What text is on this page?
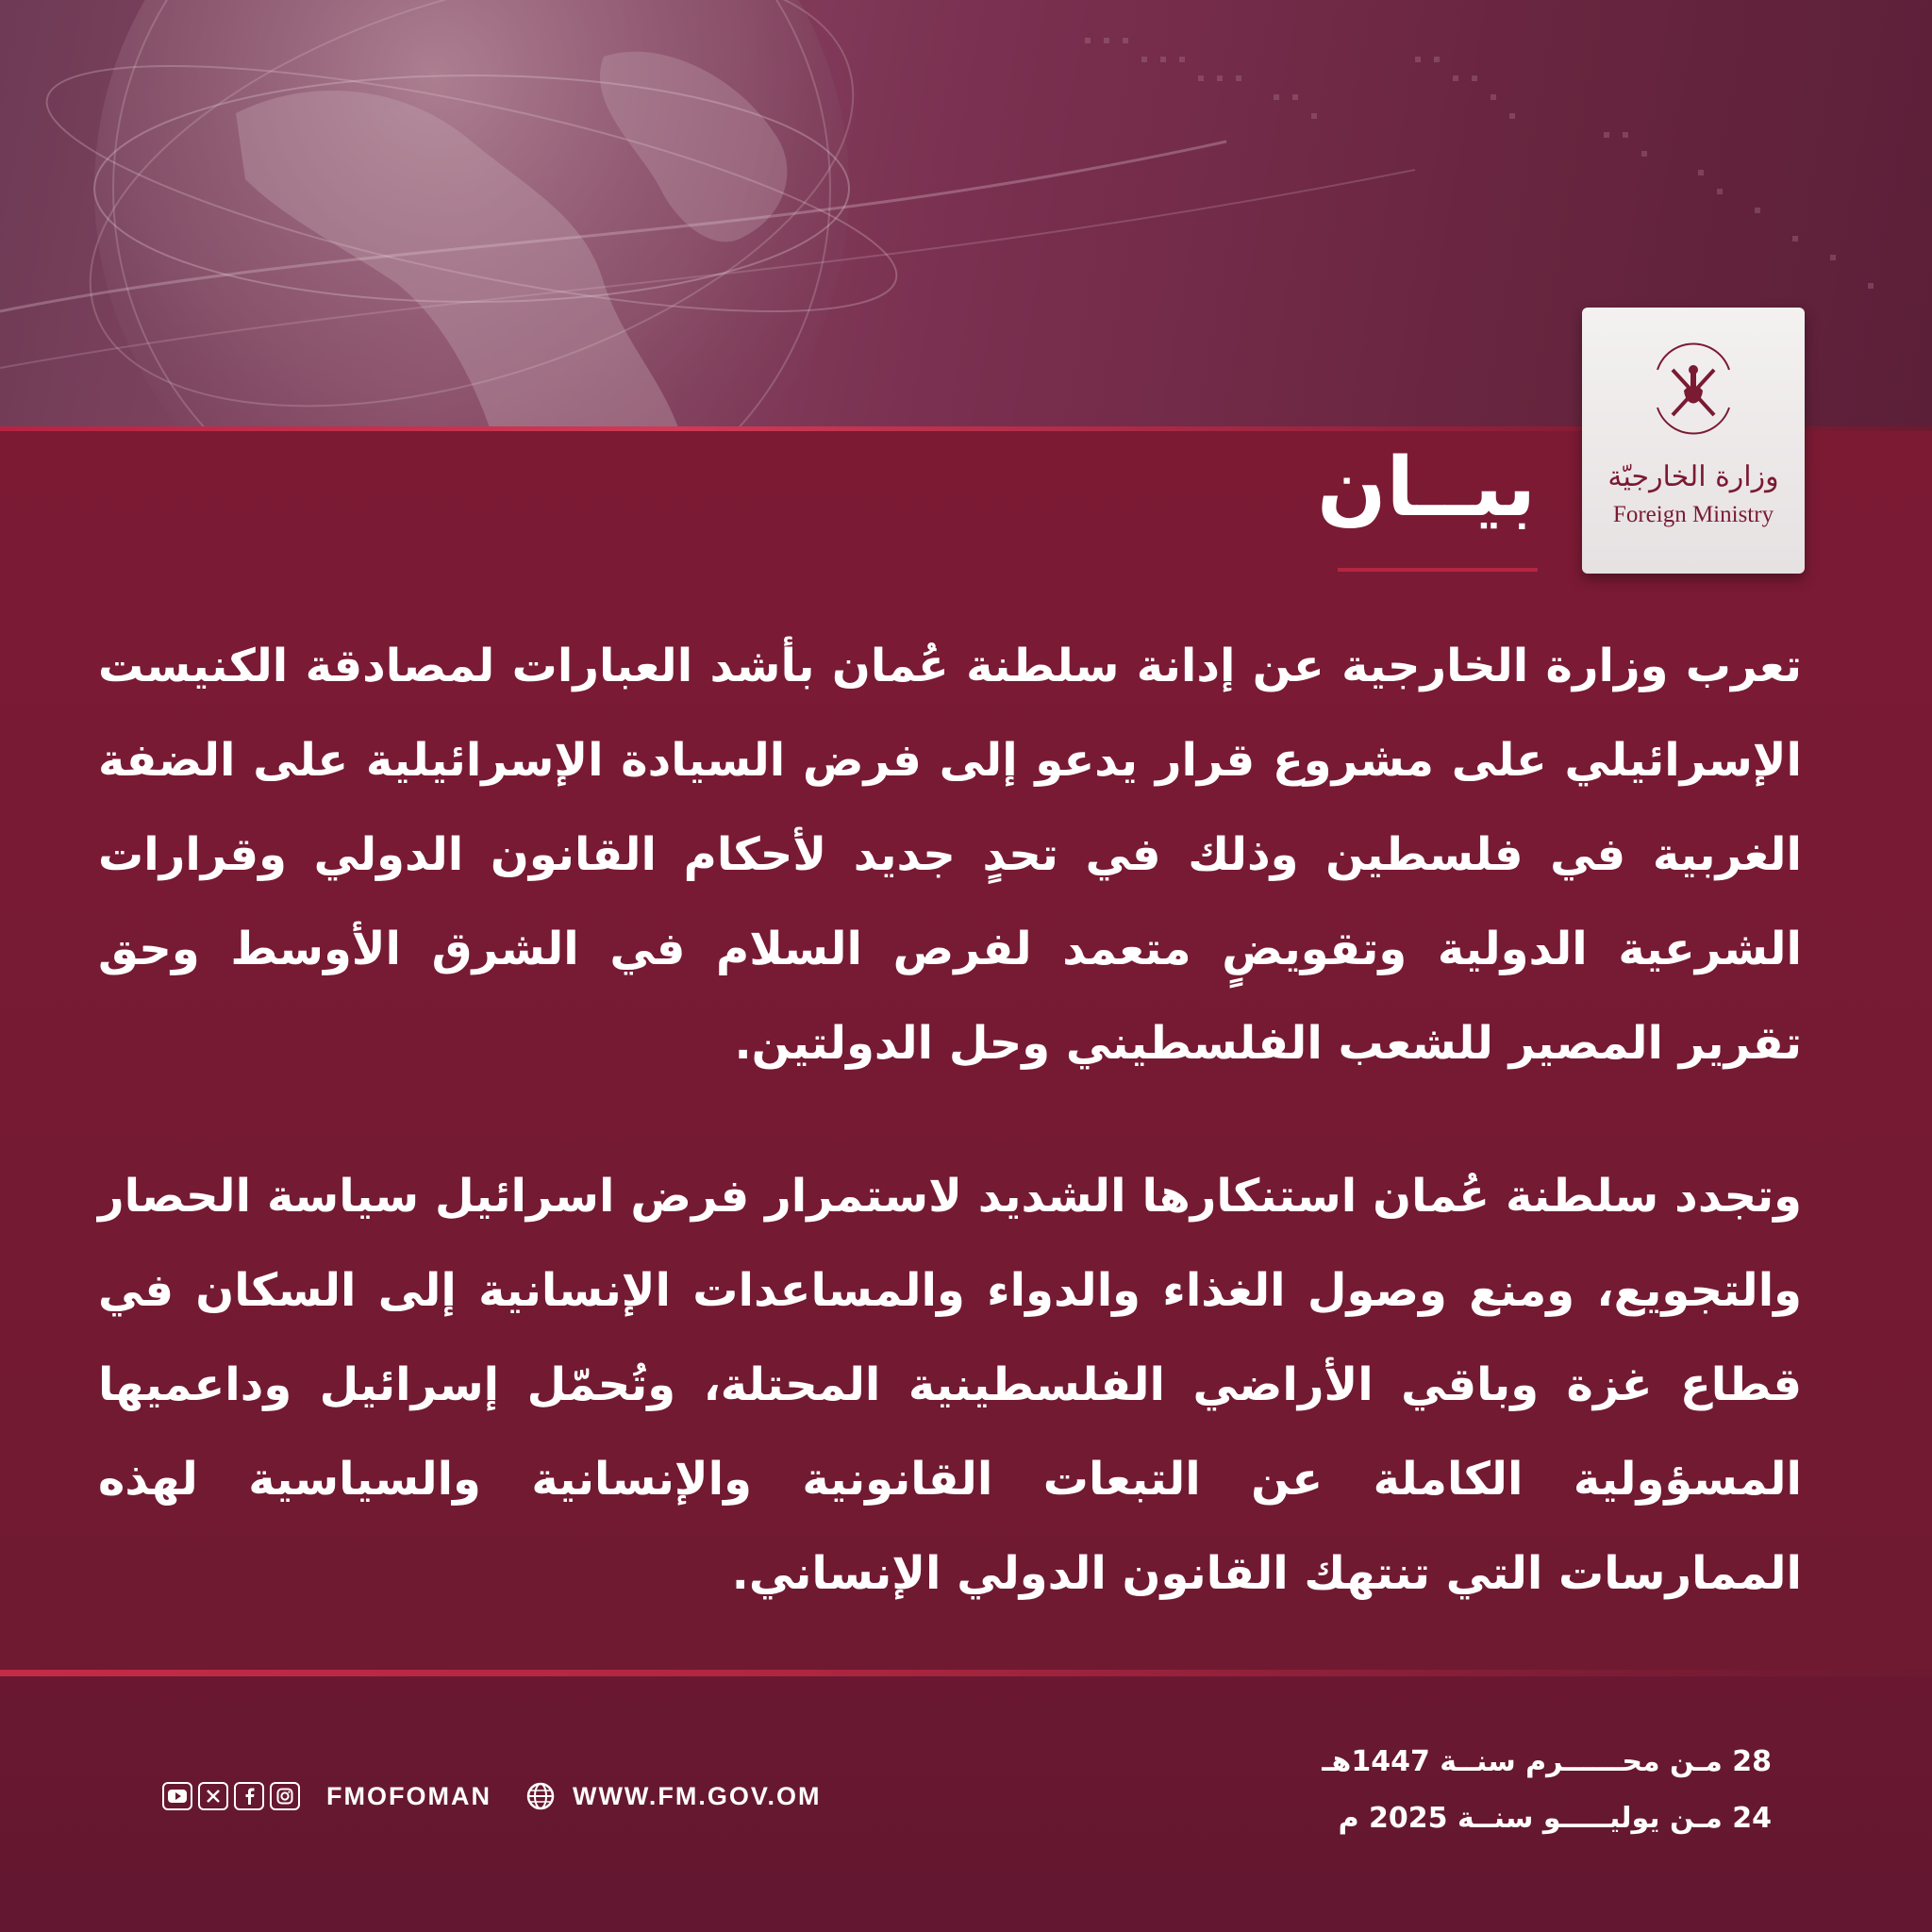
وزارة الخارجيّة
Foreign Ministry
بيــان
تعرب وزارة الخارجية عن إدانة سلطنة عُمان بأشد العبارات لمصادقة الكنيست الإسرائيلي على مشروع قرار يدعو إلى فرض السيادة الإسرائيلية على الضفة الغربية في فلسطين وذلك في تحدٍ جديد لأحكام القانون الدولي وقرارات الشرعية الدولية وتقويضٍ متعمد لفرص السلام في الشرق الأوسط وحق تقرير المصير للشعب الفلسطيني وحل الدولتين.
وتجدد سلطنة عُمان استنكارها الشديد لاستمرار فرض اسرائيل سياسة الحصار والتجويع، ومنع وصول الغذاء والدواء والمساعدات الإنسانية إلى السكان في قطاع غزة وباقي الأراضي الفلسطينية المحتلة، وتُحمّل إسرائيل وداعميها المسؤولية الكاملة عن التبعات القانونية والإنسانية والسياسية لهذه الممارسات التي تنتهك القانون الدولي الإنساني.
28 مـن محــــــرم سنــة 1447هـ
24 مـن يوليـــــو سنــة 2025 م
FMOFOMAN	WWW.FM.GOV.OM
